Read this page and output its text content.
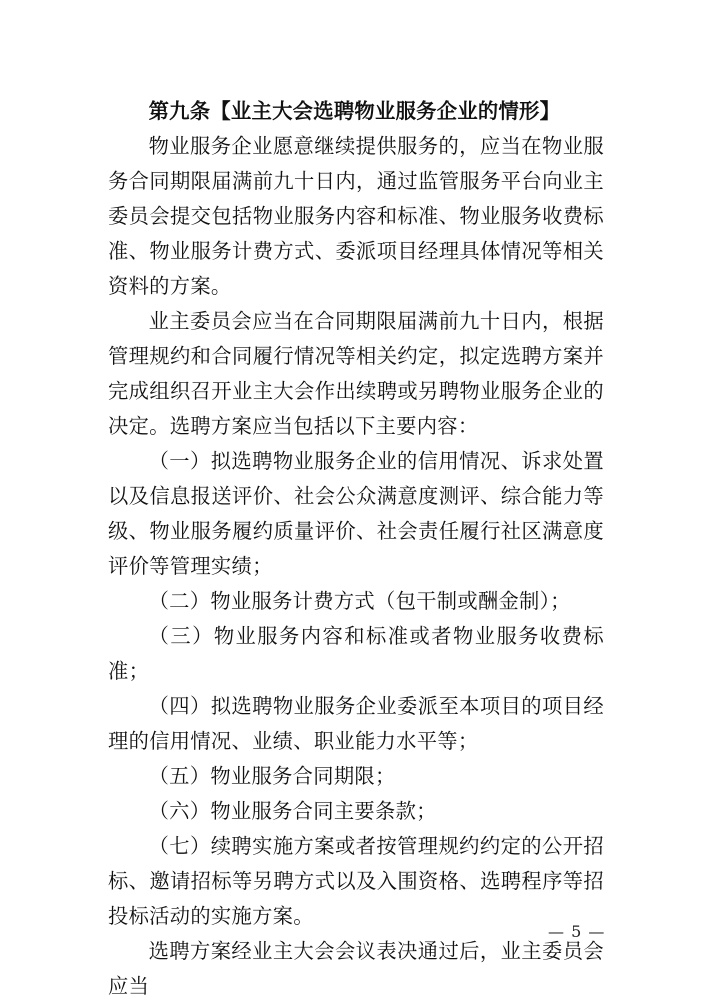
第九条【业主大会选聘物业服务企业的情形】

物业服务企业愿意继续提供服务的，应当在物业服务合同期限届满前九十日内，通过监管服务平台向业主委员会提交包括物业服务内容和标准、物业服务收费标准、物业服务计费方式、委派项目经理具体情况等相关资料的方案。

业主委员会应当在合同期限届满前九十日内，根据管理规约和合同履行情况等相关约定，拟定选聘方案并完成组织召开业主大会作出续聘或另聘物业服务企业的决定。选聘方案应当包括以下主要内容：

（一）拟选聘物业服务企业的信用情况、诉求处置以及信息报送评价、社会公众满意度测评、综合能力等级、物业服务履约质量评价、社会责任履行社区满意度评价等管理实绩；

（二）物业服务计费方式（包干制或酬金制）；

（三）物业服务内容和标准或者物业服务收费标准；

（四）拟选聘物业服务企业委派至本项目的项目经理的信用情况、业绩、职业能力水平等；

（五）物业服务合同期限；

（六）物业服务合同主要条款；

（七）续聘实施方案或者按管理规约约定的公开招标、邀请招标等另聘方式以及入围资格、选聘程序等招投标活动的实施方案。

选聘方案经业主大会会议表决通过后，业主委员会应当

— 5 —
